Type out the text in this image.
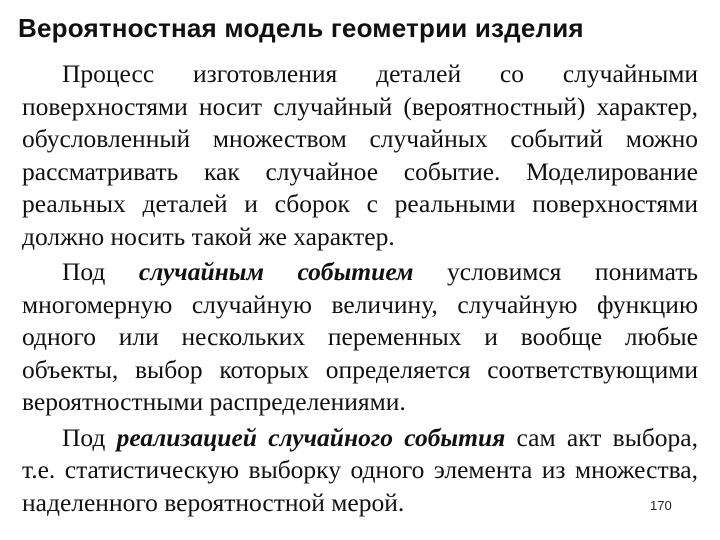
Вероятностная модель геометрии изделия

Процесс изготовления деталей со случайными поверхностями носит случайный (вероятностный) характер, обусловленный множеством случайных событий можно рассматривать как случайное событие. Моделирование реальных деталей и сборок с реальными поверхностями должно носить такой же характер.

Под случайным событием условимся понимать многомерную случайную величину, случайную функцию одного или нескольких переменных и вообще любые объекты, выбор которых определяется соответствующими вероятностными распределениями.

Под реализацией случайного события сам акт выбора, т.е. статистическую выборку одного элемента из множества, наделенного вероятностной мерой.	170
